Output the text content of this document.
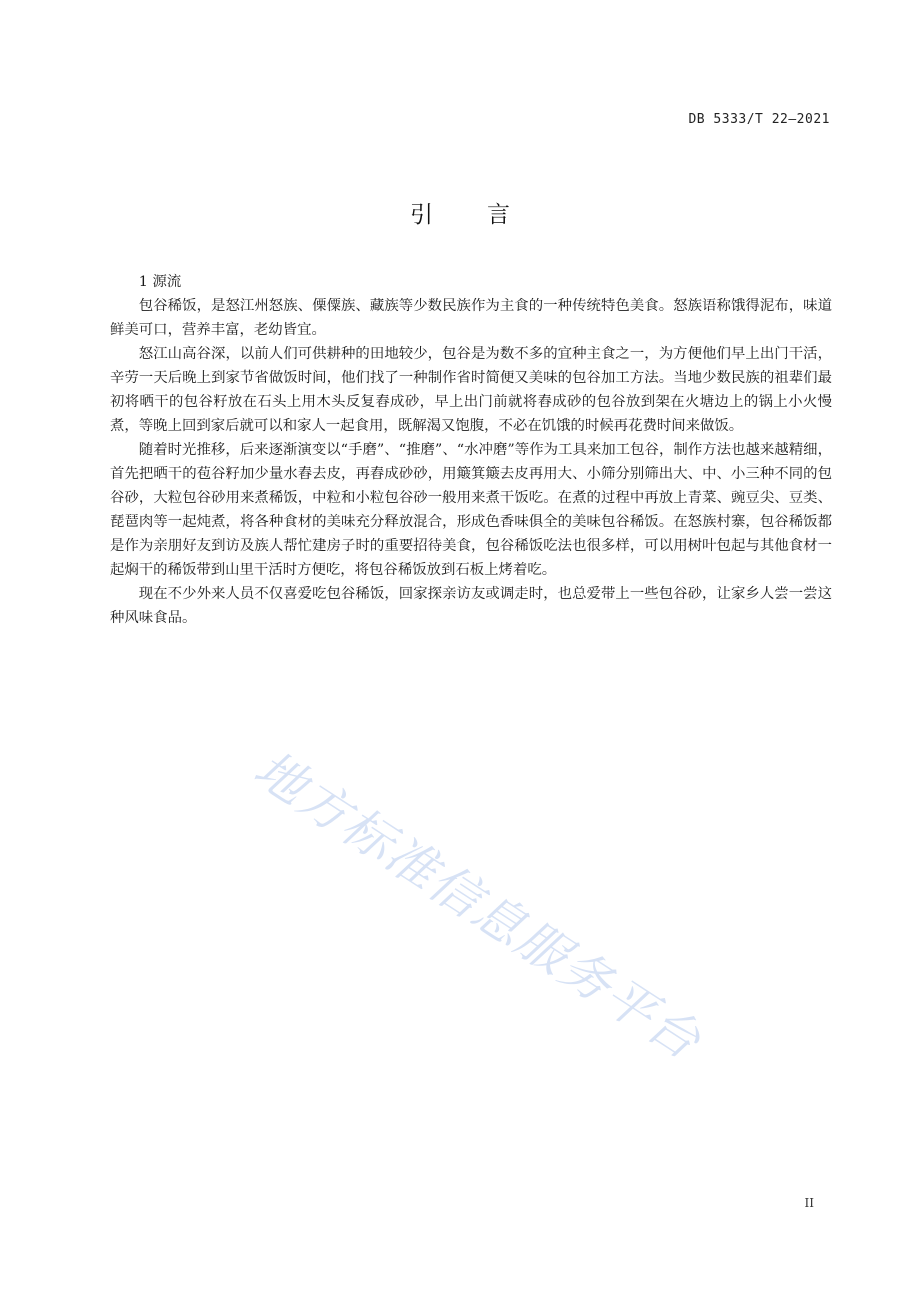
DB 5333/T 22—2021
引言

1 源流

包谷稀饭，是怒江州怒族、傈僳族、藏族等少数民族作为主食的一种传统特色美食。怒族语称饿得泥布，味道鲜美可口，营养丰富，老幼皆宜。

怒江山高谷深，以前人们可供耕种的田地较少，包谷是为数不多的宜种主食之一，为方便他们早上出门干活，辛劳一天后晚上到家节省做饭时间，他们找了一种制作省时简便又美味的包谷加工方法。当地少数民族的祖辈们最初将晒干的包谷籽放在石头上用木头反复舂成砂，早上出门前就将舂成砂的包谷放到架在火塘边上的锅上小火慢煮，等晚上回到家后就可以和家人一起食用，既解渴又饱腹，不必在饥饿的时候再花费时间来做饭。

随着时光推移，后来逐渐演变以“手磨”、“推磨”、“水冲磨”等作为工具来加工包谷，制作方法也越来越精细，首先把晒干的苞谷籽加少量水舂去皮，再舂成砂砂，用簸箕簸去皮再用大、小筛分别筛出大、中、小三种不同的包谷砂，大粒包谷砂用来煮稀饭，中粒和小粒包谷砂一般用来煮干饭吃。在煮的过程中再放上青菜、豌豆尖、豆类、琵琶肉等一起炖煮，将各种食材的美味充分释放混合，形成色香味俱全的美味包谷稀饭。在怒族村寨，包谷稀饭都是作为亲朋好友到访及族人帮忙建房子时的重要招待美食，包谷稀饭吃法也很多样，可以用树叶包起与其他食材一起焖干的稀饭带到山里干活时方便吃，将包谷稀饭放到石板上烤着吃。

现在不少外来人员不仅喜爱吃包谷稀饭，回家探亲访友或调走时，也总爱带上一些包谷砂，让家乡人尝一尝这种风味食品。

地方标准信息服务平台
II
